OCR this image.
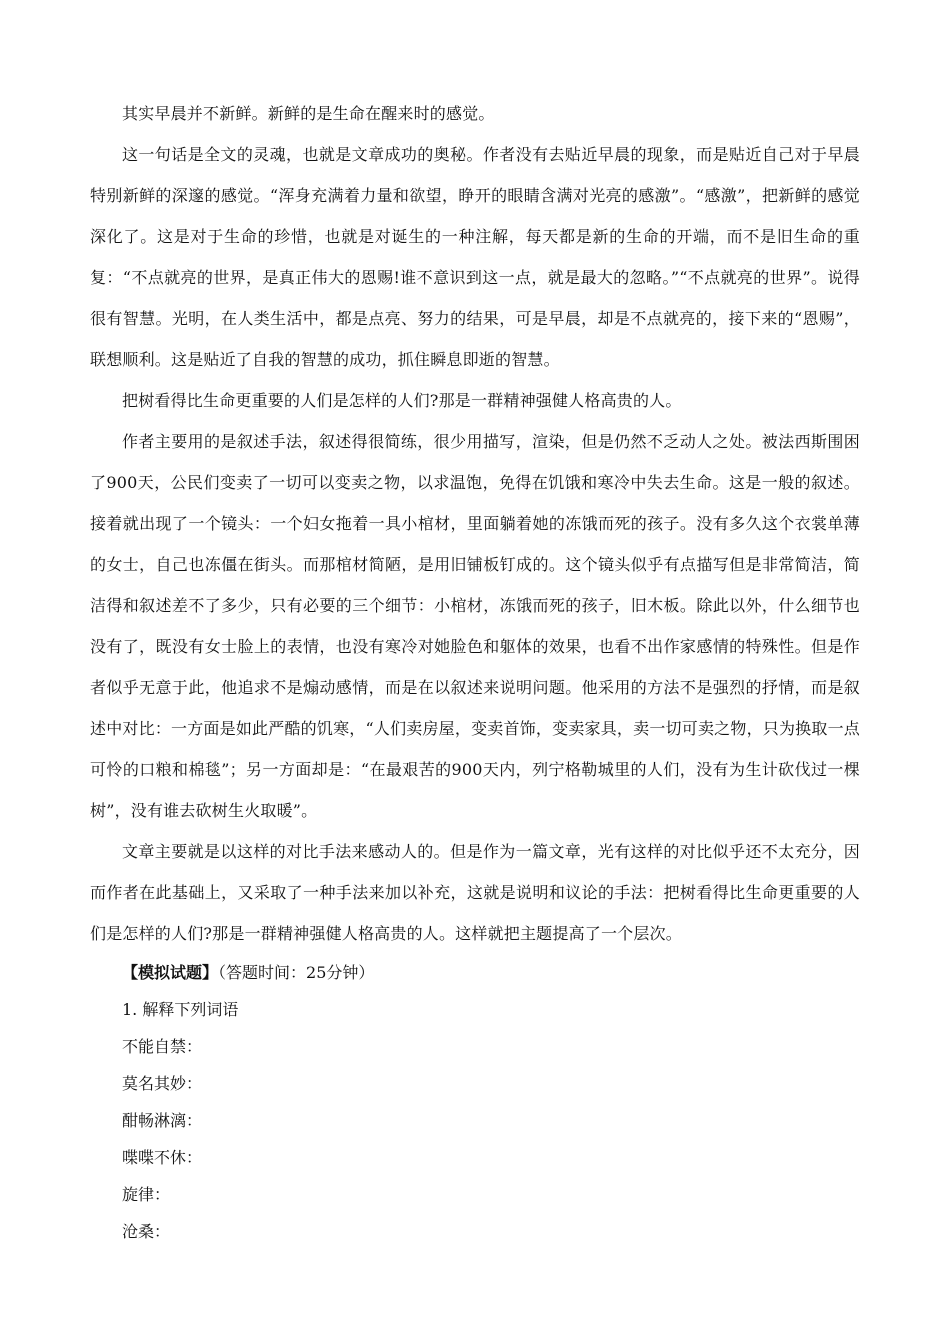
其实早晨并不新鲜。新鲜的是生命在醒来时的感觉。

这一句话是全文的灵魂，也就是文章成功的奥秘。作者没有去贴近早晨的现象，而是贴近自己对于早晨特别新鲜的深邃的感觉。“浑身充满着力量和欲望，睁开的眼睛含满对光亮的感激”。“感激”，把新鲜的感觉深化了。这是对于生命的珍惜，也就是对诞生的一种注解，每天都是新的生命的开端，而不是旧生命的重复：“不点就亮的世界，是真正伟大的恩赐!谁不意识到这一点，就是最大的忽略。”“不点就亮的世界”。说得很有智慧。光明，在人类生活中，都是点亮、努力的结果，可是早晨，却是不点就亮的，接下来的“恩赐”，联想顺利。这是贴近了自我的智慧的成功，抓住瞬息即逝的智慧。

把树看得比生命更重要的人们是怎样的人们?那是一群精神强健人格高贵的人。

作者主要用的是叙述手法，叙述得很简练，很少用描写，渲染，但是仍然不乏动人之处。被法西斯围困了900天，公民们变卖了一切可以变卖之物，以求温饱，免得在饥饿和寒冷中失去生命。这是一般的叙述。接着就出现了一个镜头：一个妇女拖着一具小棺材，里面躺着她的冻饿而死的孩子。没有多久这个衣裳单薄的女士，自己也冻僵在街头。而那棺材简陋，是用旧铺板钉成的。这个镜头似乎有点描写但是非常简洁，简洁得和叙述差不了多少，只有必要的三个细节：小棺材，冻饿而死的孩子，旧木板。除此以外，什么细节也没有了，既没有女士脸上的表情，也没有寒冷对她脸色和躯体的效果，也看不出作家感情的特殊性。但是作者似乎无意于此，他追求不是煽动感情，而是在以叙述来说明问题。他采用的方法不是强烈的抒情，而是叙述中对比：一方面是如此严酷的饥寒，“人们卖房屋，变卖首饰，变卖家具，卖一切可卖之物，只为换取一点可怜的口粮和棉毯”；另一方面却是：“在最艰苦的900天内，列宁格勒城里的人们，没有为生计砍伐过一棵树”，没有谁去砍树生火取暖”。

文章主要就是以这样的对比手法来感动人的。但是作为一篇文章，光有这样的对比似乎还不太充分，因而作者在此基础上，又采取了一种手法来加以补充，这就是说明和议论的手法：把树看得比生命更重要的人们是怎样的人们?那是一群精神强健人格高贵的人。这样就把主题提高了一个层次。

【模拟试题】（答题时间：25分钟）

1. 解释下列词语

不能自禁：

莫名其妙：

酣畅淋漓：

喋喋不休：

旋律：

沧桑：
